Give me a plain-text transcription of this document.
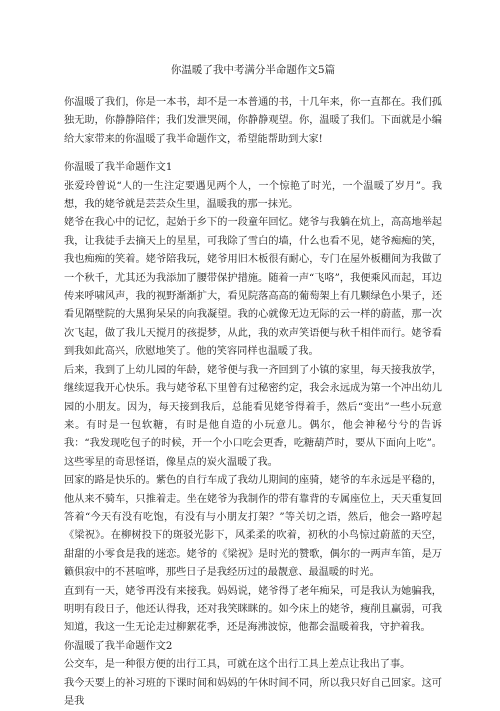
你温暖了我中考满分半命题作文5篇

你温暖了我们，你是一本书，却不是一本普通的书，十几年来，你一直都在。我们孤独无助，你静静陪伴；我们发泄哭闹，你静静观望。你，温暖了我们。下面就是小编给大家带来的你温暖了我半命题作文，希望能帮助到大家!

你温暖了我半命题作文1

张爱玲曾说“人的一生注定要遇见两个人，一个惊艳了时光，一个温暖了岁月”。我想，我的姥爷就是芸芸众生里，温暖我的那一抹光。

姥爷在我心中的记忆，起始于乡下的一段童年回忆。姥爷与我躺在炕上，高高地举起我，让我徒手去摘天上的星星，可我除了雪白的墙，什么也看不见，姥爷痴痴的笑，我也痴痴的笑着。姥爷陪我玩，姥爷用旧木板很有耐心，专门在屋外板棚间为我做了一个秋千，尤其还为我添加了腰带保护措施。随着一声“飞咯”，我便乘风而起，耳边传来呼啸风声，我的视野渐渐扩大，看见院落高高的葡萄架上有几颗绿色小果子，还看见隔壁院的大黑狗呆呆的向我凝望。我的心就像无边无际的云一样的蔚蓝，那一次次飞起，做了我儿天搅月的孩提梦，从此，我的欢声笑语便与秋千相伴而行。姥爷看到我如此高兴，欣慰地笑了。他的笑容同样也温暖了我。

后来，我到了上幼儿园的年龄，姥爷便与我一齐回到了小镇的家里，每天接我放学，继续逗我开心快乐。我与姥爷私下里曾有过秘密约定，我会永远成为第一个冲出幼儿园的小朋友。因为，每天接到我后，总能看见姥爷得着手，然后“变出”一些小玩意来。有时是一包软糖，有时是他自造的小玩意儿。偶尔，他会神秘兮兮的告诉我：“我发现吃包子的时候，开一个小口吃会更香，吃糖葫芦时，要从下面向上吃”。这些零星的奇思怪语，像星点的炭火温暖了我。

回家的路是快乐的。紫色的自行车成了我幼儿期间的座骑，姥爷的车永远是平稳的，他从来不骑车，只推着走。坐在姥爷为我制作的带有靠背的专属座位上，天天重复回答着“今天有没有吃饱，有没有与小朋友打架？”等关切之语，然后，他会一路哼起《梁祝》。在柳树投下的斑驳光影下，风柔柔的吹着，初秋的小鸟惊过蔚蓝的天空，甜甜的小零食是我的迷恋。姥爷的《梁祝》是时光的赞歌，偶尔的一两声车笛，是万籁俱寂中的不甚喧哗，那些日子是我经历过的最靓意、最温暖的时光。

直到有一天，姥爷再没有来接我。妈妈说，姥爷得了老年痴呆，可是我认为她骗我，明明有段日子，他还认得我，还对我笑眯眯的。如今床上的姥爷，瘦削且赢弱，可我知道，我这一生无论走过柳絮花季，还是海沸波惊，他都会温暖着我，守护着我。

你温暖了我半命题作文2

公交车，是一种很方便的出行工具，可就在这个出行工具上差点让我出了事。

我今天要上的补习班的下课时间和妈妈的午休时间不同，所以我只好自己回家。这可是我
